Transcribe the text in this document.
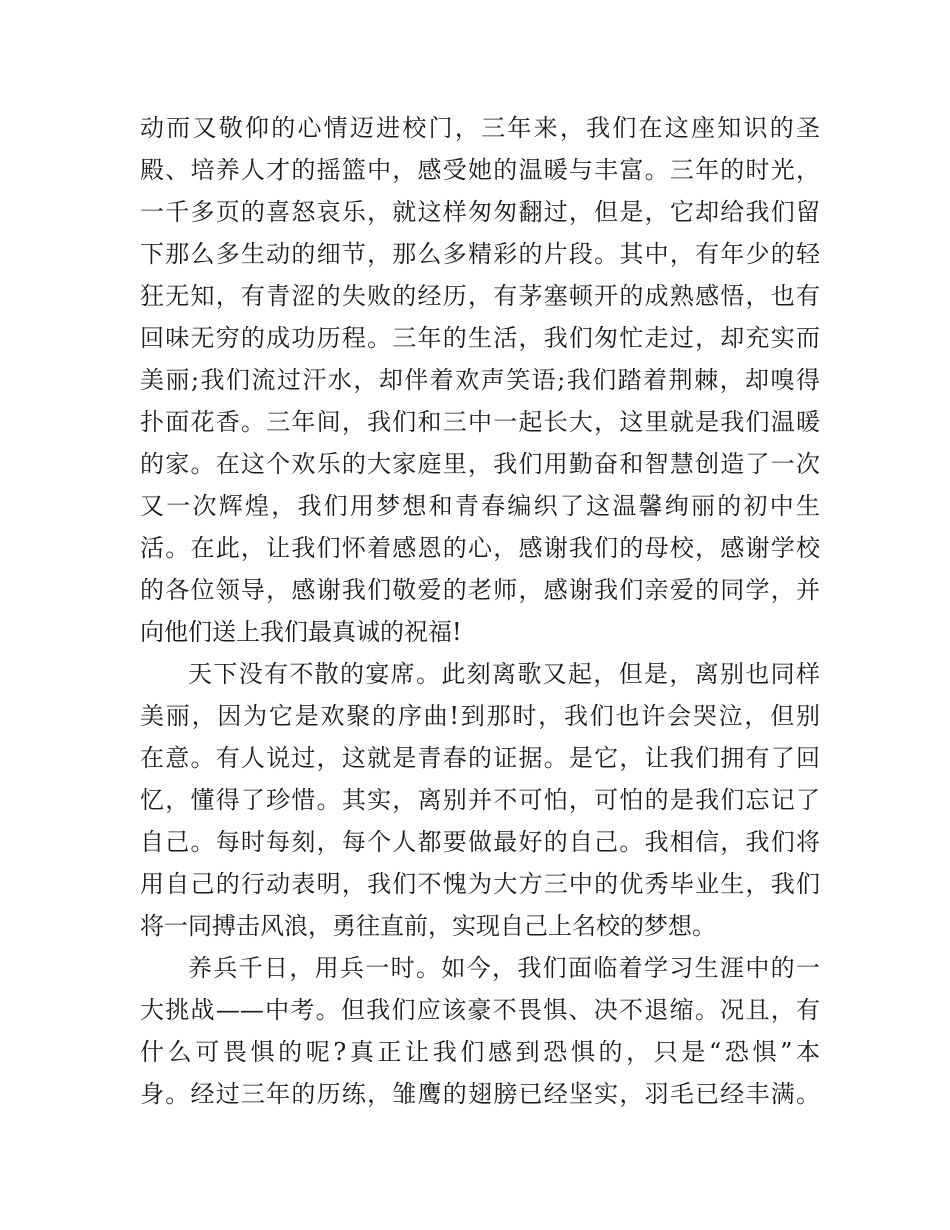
动而又敬仰的心情迈进校门，三年来，我们在这座知识的圣
殿、培养人才的摇篮中，感受她的温暖与丰富。三年的时光，
一千多页的喜怒哀乐，就这样匆匆翻过，但是，它却给我们留
下那么多生动的细节，那么多精彩的片段。其中，有年少的轻
狂无知，有青涩的失败的经历，有茅塞顿开的成熟感悟，也有
回味无穷的成功历程。三年的生活，我们匆忙走过，却充实而
美丽;我们流过汗水，却伴着欢声笑语;我们踏着荆棘，却嗅得
扑面花香。三年间，我们和三中一起长大，这里就是我们温暖
的家。在这个欢乐的大家庭里，我们用勤奋和智慧创造了一次
又一次辉煌，我们用梦想和青春编织了这温馨绚丽的初中生
活。在此，让我们怀着感恩的心，感谢我们的母校，感谢学校
的各位领导，感谢我们敬爱的老师，感谢我们亲爱的同学，并
向他们送上我们最真诚的祝福!
天下没有不散的宴席。此刻离歌又起，但是，离别也同样
美丽，因为它是欢聚的序曲!到那时，我们也许会哭泣，但别
在意。有人说过，这就是青春的证据。是它，让我们拥有了回
忆，懂得了珍惜。其实，离别并不可怕，可怕的是我们忘记了
自己。每时每刻，每个人都要做最好的自己。我相信，我们将
用自己的行动表明，我们不愧为大方三中的优秀毕业生，我们
将一同搏击风浪，勇往直前，实现自己上名校的梦想。
养兵千日，用兵一时。如今，我们面临着学习生涯中的一
大挑战——中考。但我们应该豪不畏惧、决不退缩。况且，有
什么可畏惧的呢?真正让我们感到恐惧的，只是“恐惧”本
身。经过三年的历练，雏鹰的翅膀已经坚实，羽毛已经丰满。
